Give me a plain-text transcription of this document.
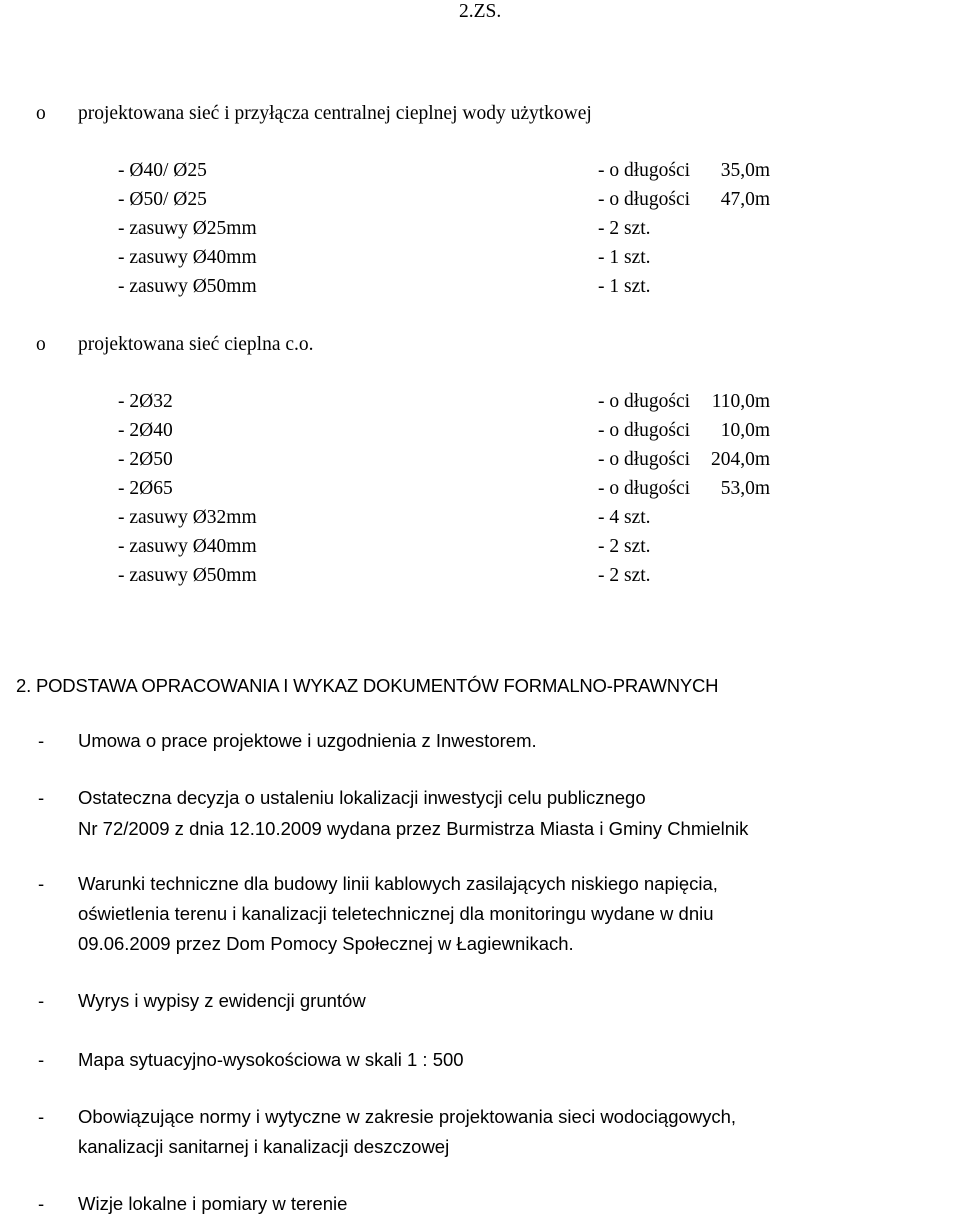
2.ZS.
o projektowana sieć i przyłącza centralnej cieplnej wody użytkowej
- Ø40/ Ø25	- o długości 35,0m
- Ø50/ Ø25	- o długości 47,0m
- zasuwy Ø25mm	- 2 szt.
- zasuwy Ø40mm	- 1 szt.
- zasuwy Ø50mm	- 1 szt.
o projektowana sieć cieplna c.o.
- 2Ø32	- o długości 110,0m
- 2Ø40	- o długości 10,0m
- 2Ø50	- o długości 204,0m
- 2Ø65	- o długości 53,0m
- zasuwy Ø32mm	- 4 szt.
- zasuwy Ø40mm	- 2 szt.
- zasuwy Ø50mm	- 2 szt.
2. PODSTAWA OPRACOWANIA I WYKAZ DOKUMENTÓW FORMALNO-PRAWNYCH
- Umowa o prace projektowe i uzgodnienia z Inwestorem.
- Ostateczna decyzja o ustaleniu lokalizacji inwestycji celu publicznego
Nr 72/2009 z dnia 12.10.2009 wydana przez Burmistrza Miasta i Gminy Chmielnik
- Warunki techniczne dla budowy linii kablowych zasilających niskiego napięcia,
oświetlenia terenu i kanalizacji teletechnicznej dla monitoringu wydane w dniu
09.06.2009 przez Dom Pomocy Społecznej w Łagiewnikach.
- Wyrys i wypisy z ewidencji gruntów
- Mapa sytuacyjno-wysokościowa w skali 1 : 500
- Obowiązujące normy i wytyczne w zakresie projektowania sieci wodociągowych,
kanalizacji sanitarnej i kanalizacji deszczowej
- Wizje lokalne i pomiary w terenie
